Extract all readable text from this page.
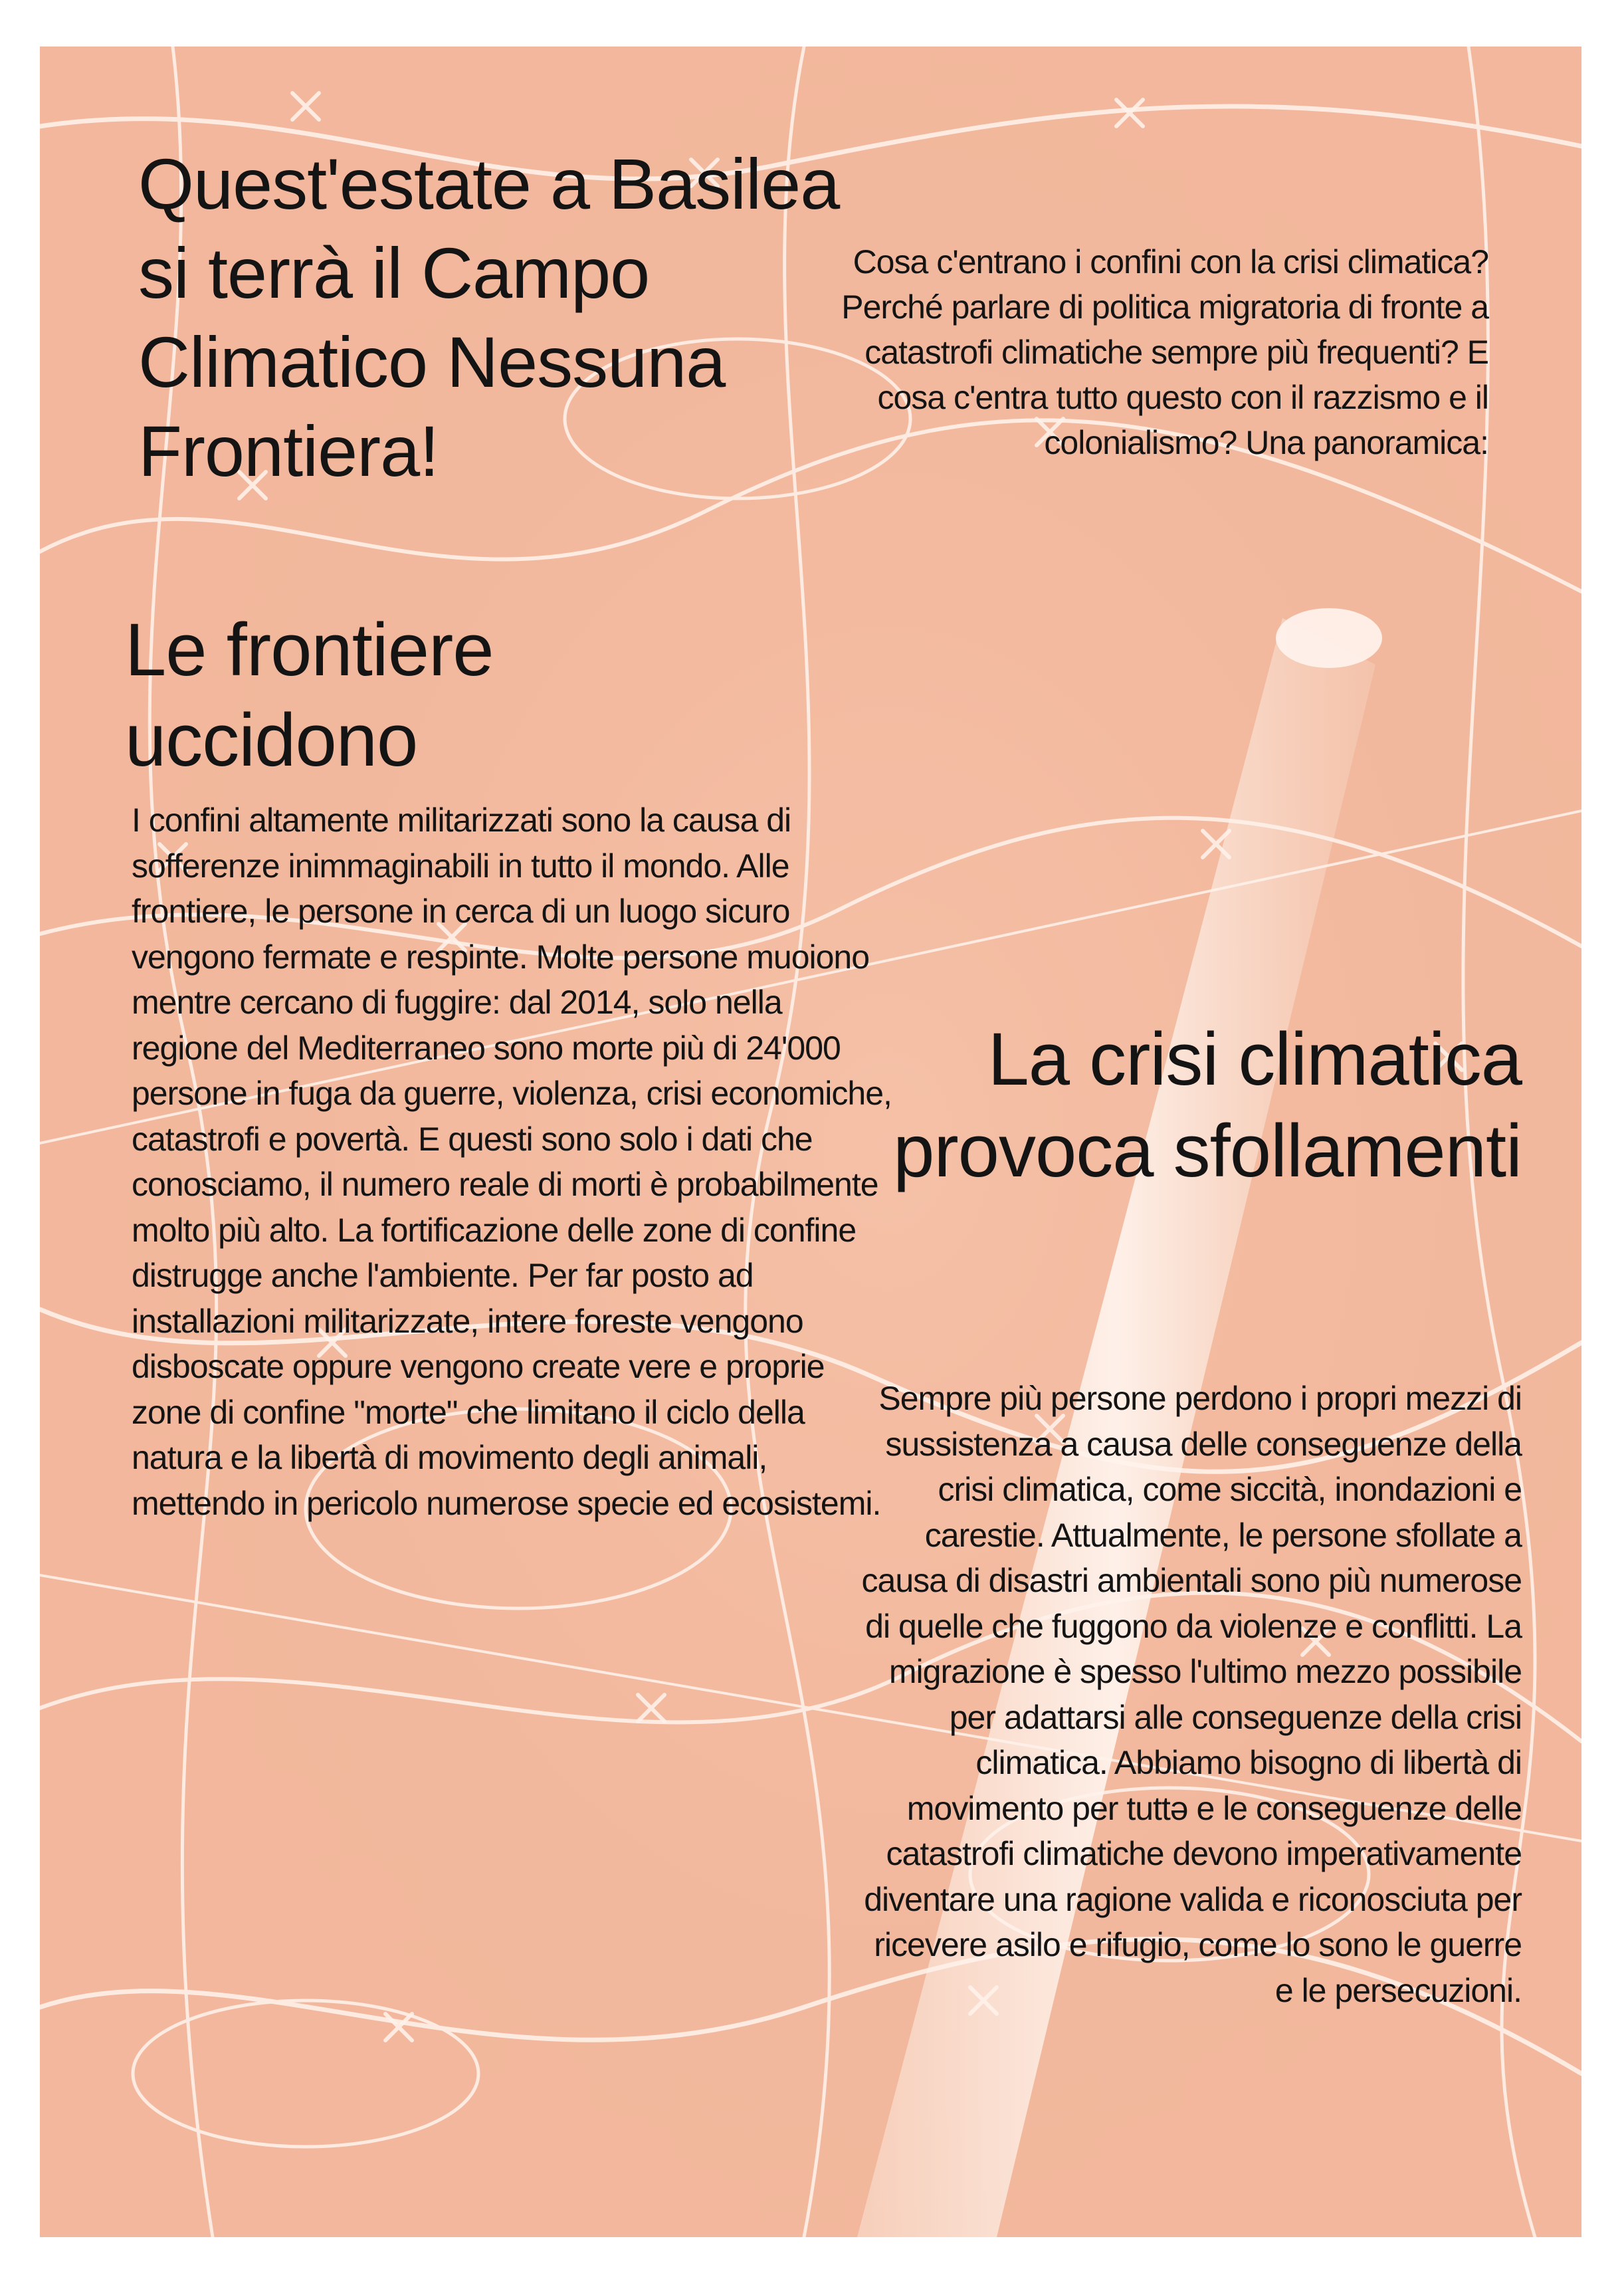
Quest'estate a Basilea si terrà il Campo Climatico Nessuna Frontiera!

Cosa c'entrano i confini con la crisi climatica? Perché parlare di politica migratoria di fronte a catastrofi climatiche sempre più frequenti? E cosa c'entra tutto questo con il razzismo e il colonialismo? Una panoramica:

Le frontiere uccidono

I confini altamente militarizzati sono la causa di sofferenze inimmaginabili in tutto il mondo. Alle frontiere, le persone in cerca di un luogo sicuro vengono fermate e respinte. Molte persone muoiono mentre cercano di fuggire: dal 2014, solo nella regione del Mediterraneo sono morte più di 24'000 persone in fuga da guerre, violenza, crisi economiche, catastrofi e povertà. E questi sono solo i dati che conosciamo, il numero reale di morti è probabilmente molto più alto. La fortificazione delle zone di confine distrugge anche l'ambiente. Per far posto ad installazioni militarizzate, intere foreste vengono disboscate oppure vengono create vere e proprie zone di confine "morte" che limitano il ciclo della natura e la libertà di movimento degli animali, mettendo in pericolo numerose specie ed ecosistemi.

La crisi climatica provoca sfollamenti

Sempre più persone perdono i propri mezzi di sussistenza a causa delle conseguenze della crisi climatica, come siccità, inondazioni e carestie. Attualmente, le persone sfollate a causa di disastri ambientali sono più numerose di quelle che fuggono da violenze e conflitti. La migrazione è spesso l'ultimo mezzo possibile per adattarsi alle conseguenze della crisi climatica. Abbiamo bisogno di libertà di movimento per tuttə e le conseguenze delle catastrofi climatiche devono imperativamente diventare una ragione valida e riconosciuta per ricevere asilo e rifugio, come lo sono le guerre e le persecuzioni.
